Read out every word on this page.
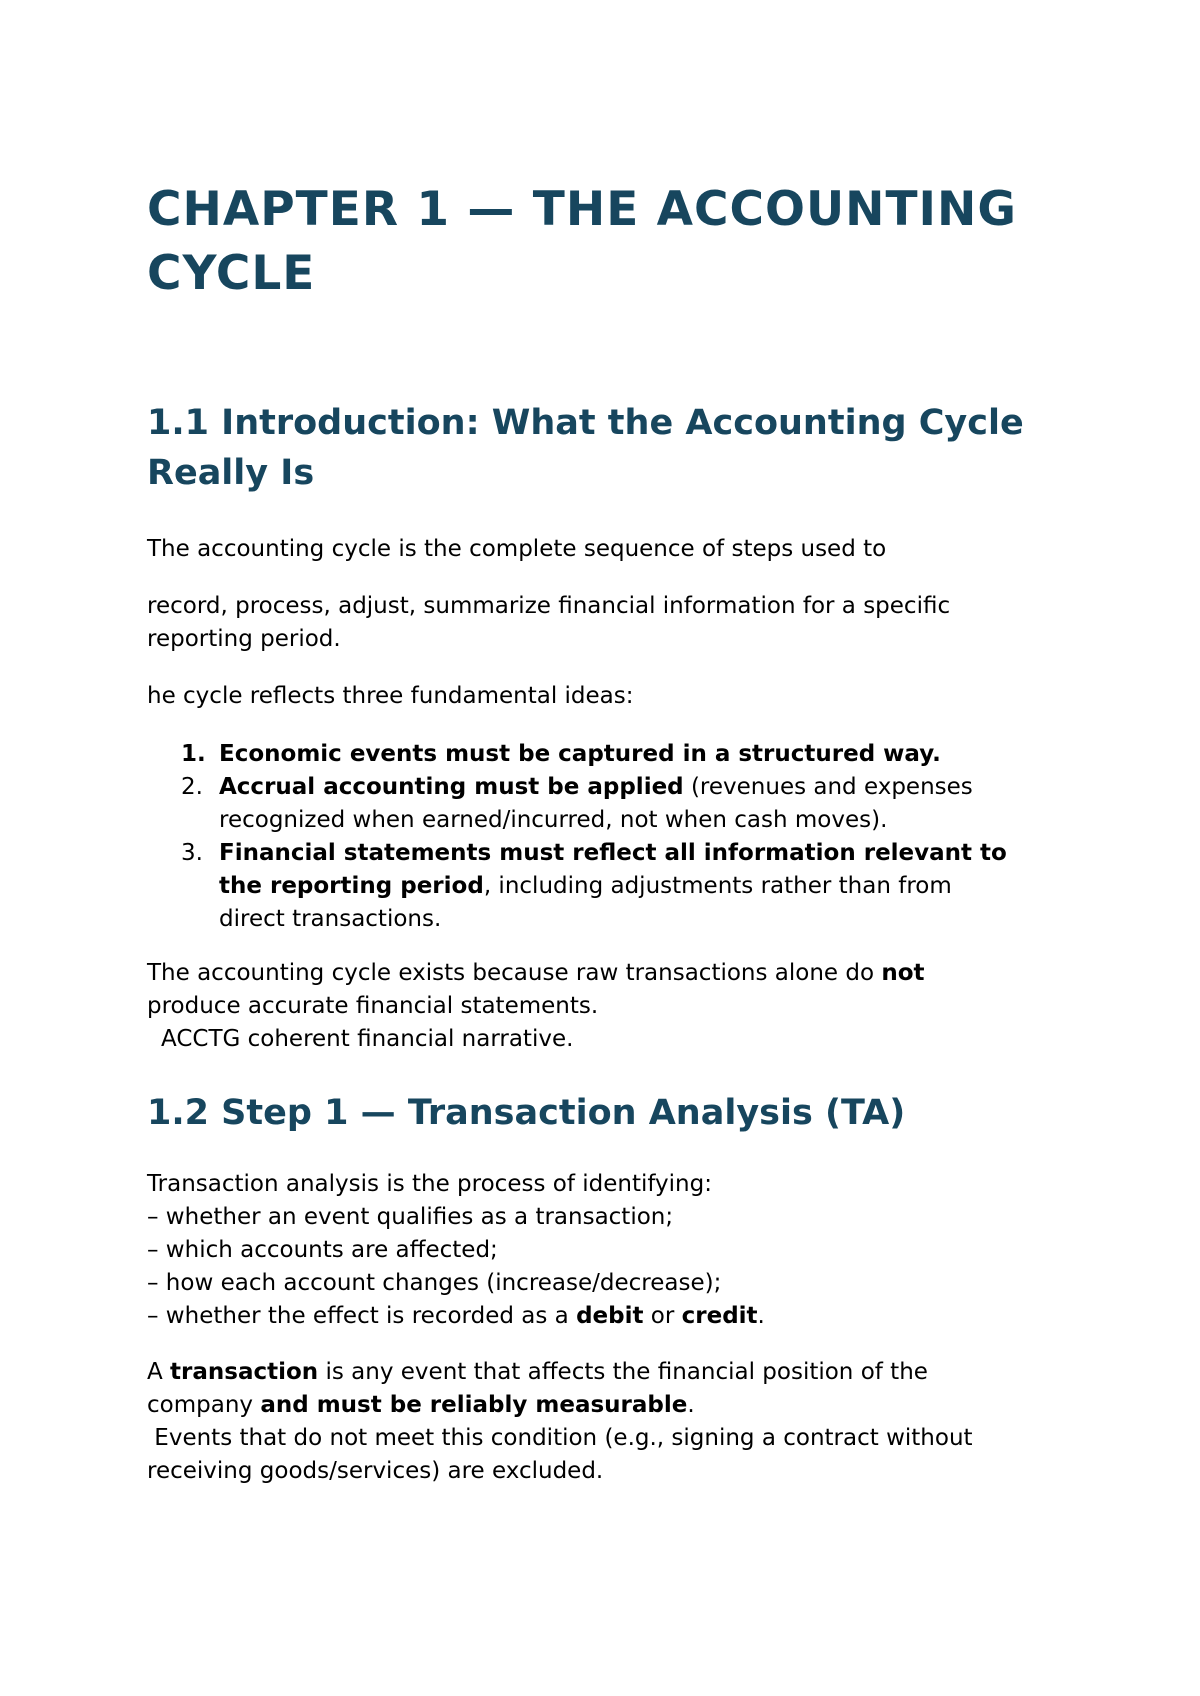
CHAPTER 1 — THE ACCOUNTING
CYCLE
1.1 Introduction: What the Accounting Cycle
Really Is

The accounting cycle is the complete sequence of steps used to

record, process, adjust, summarize financial information for a specific
reporting period.

he cycle reflects three fundamental ideas:

1. Economic events must be captured in a structured way.
2. Accrual accounting must be applied (revenues and expenses
recognized when earned/incurred, not when cash moves).
3. Financial statements must reflect all information relevant to
the reporting period, including adjustments rather than from
direct transactions.

The accounting cycle exists because raw transactions alone do not
produce accurate financial statements.
ACCTG coherent financial narrative.

1.2 Step 1 — Transaction Analysis (TA)

Transaction analysis is the process of identifying:
– whether an event qualifies as a transaction;
– which accounts are affected;
– how each account changes (increase/decrease);
– whether the effect is recorded as a debit or credit.

A transaction is any event that affects the financial position of the
company and must be reliably measurable.
Events that do not meet this condition (e.g., signing a contract without
receiving goods/services) are excluded.
